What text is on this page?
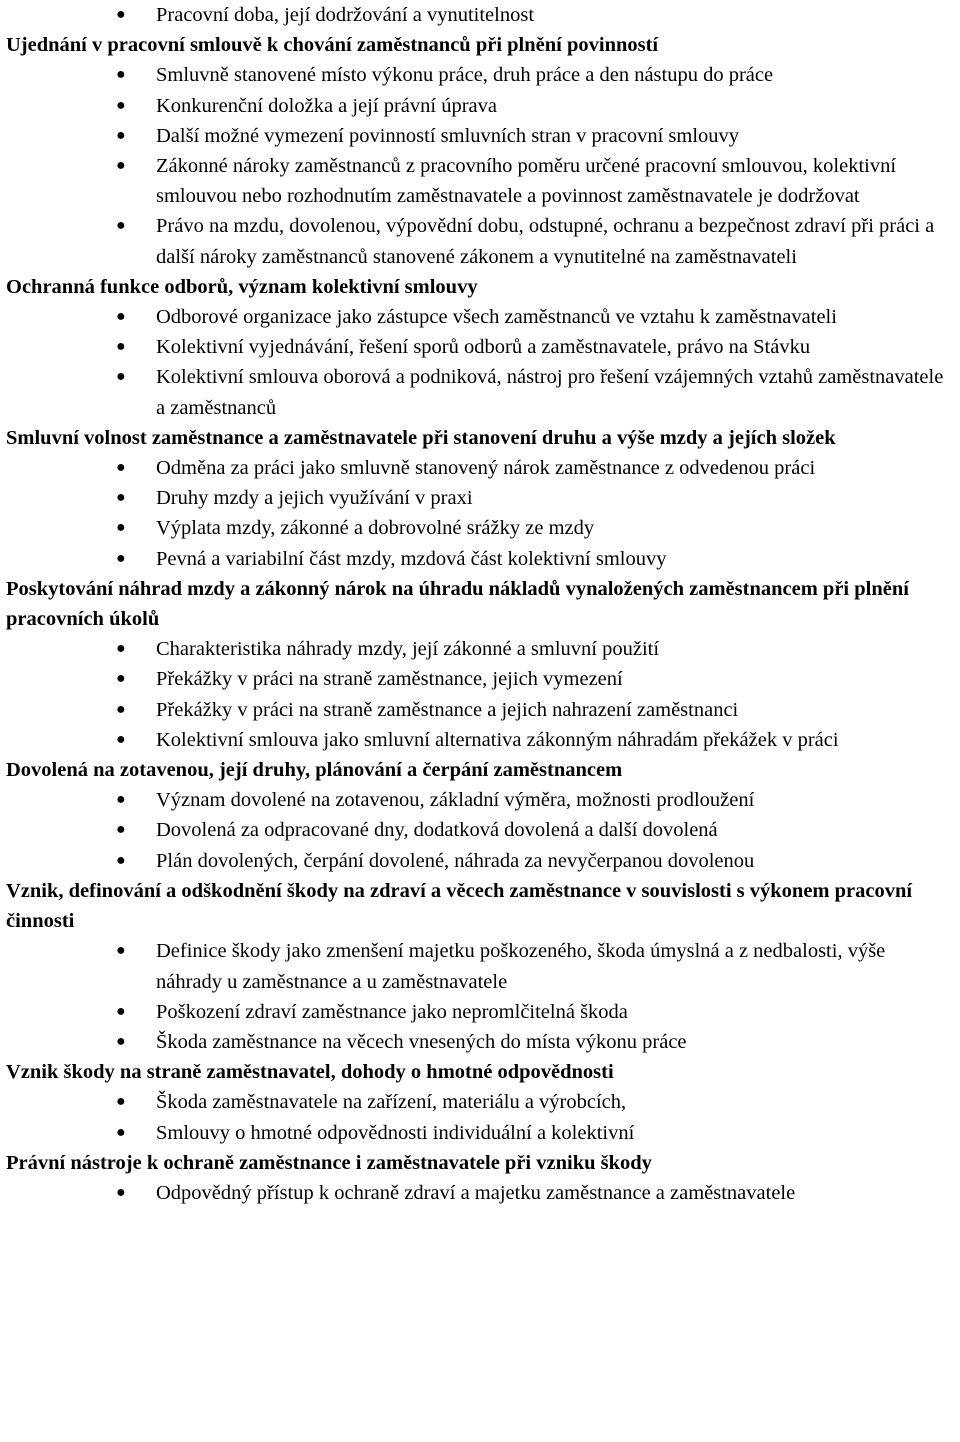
● Pracovní doba, její dodržování a vynutitelnost
Ujednání v pracovní smlouvě k chování zaměstnanců při plnění povinností
● Smluvně stanovené místo výkonu práce, druh práce a den nástupu do práce
● Konkurenční doložka a její právní úprava
● Další možné vymezení povinností smluvních stran v pracovní smlouvy
● Zákonné nároky zaměstnanců z pracovního poměru určené pracovní smlouvou, kolektivní smlouvou nebo rozhodnutím zaměstnavatele a povinnost zaměstnavatele je dodržovat
● Právo na mzdu, dovolenou, výpovědní dobu, odstupné, ochranu a bezpečnost zdraví při práci a další nároky zaměstnanců stanovené zákonem a vynutitelné na zaměstnavateli
Ochranná funkce odborů, význam kolektivní smlouvy
● Odborové organizace jako zástupce všech zaměstnanců ve vztahu k zaměstnavateli
● Kolektivní vyjednávání, řešení sporů odborů a zaměstnavatele, právo na Stávku
● Kolektivní smlouva oborová a podniková, nástroj pro řešení vzájemných vztahů zaměstnavatele a zaměstnanců
Smluvní volnost zaměstnance a zaměstnavatele při stanovení druhu a výše mzdy a jejích složek
● Odměna za práci jako smluvně stanovený nárok zaměstnance z odvedenou práci
● Druhy mzdy a jejich využívání v praxi
● Výplata mzdy, zákonné a dobrovolné srážky ze mzdy
● Pevná a variabilní část mzdy, mzdová část kolektivní smlouvy
Poskytování náhrad mzdy a zákonný nárok na úhradu nákladů vynaložených zaměstnancem při plnění pracovních úkolů
● Charakteristika náhrady mzdy, její zákonné a smluvní použití
● Překážky v práci na straně zaměstnance, jejich vymezení
● Překážky v práci na straně zaměstnance a jejich nahrazení zaměstnanci
● Kolektivní smlouva jako smluvní alternativa zákonným náhradám překážek v práci
Dovolená na zotavenou, její druhy, plánování a čerpání zaměstnancem
● Význam dovolené na zotavenou, základní výměra, možnosti prodloužení
● Dovolená za odpracované dny, dodatková dovolená a další dovolená
● Plán dovolených, čerpání dovolené, náhrada za nevyčerpanou dovolenou
Vznik, definování a odškodnění škody na zdraví a věcech zaměstnance v souvislosti s výkonem pracovní činnosti
● Definice škody jako zmenšení majetku poškozeného, škoda úmyslná a z nedbalosti, výše náhrady u zaměstnance a u zaměstnavatele
● Poškození zdraví zaměstnance jako nepromlčitelná škoda
● Škoda zaměstnance na věcech vnesených do místa výkonu práce
Vznik škody na straně zaměstnavatel, dohody o hmotné odpovědnosti
● Škoda zaměstnavatele na zařízení, materiálu a výrobcích,
● Smlouvy o hmotné odpovědnosti individuální a kolektivní
Právní nástroje k ochraně zaměstnance i zaměstnavatele při vzniku škody
● Odpovědný přístup k ochraně zdraví a majetku zaměstnance a zaměstnavatele
